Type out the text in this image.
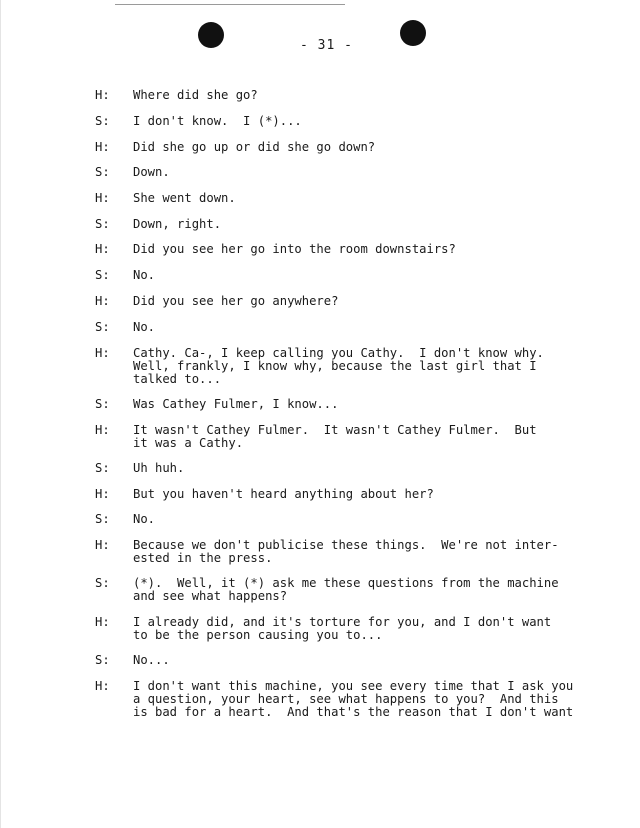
- 31 -
H: Where did she go?
S: I don't know.  I (*)...
H: Did she go up or did she go down?
S: Down.
H: She went down.
S: Down, right.
H: Did you see her go into the room downstairs?
S: No.
H: Did you see her go anywhere?
S: No.
H: Cathy. Ca-, I keep calling you Cathy.  I don't know why.
Well, frankly, I know why, because the last girl that I
talked to...
S: Was Cathey Fulmer, I know...
H: It wasn't Cathey Fulmer.  It wasn't Cathey Fulmer.  But
it was a Cathy.
S: Uh huh.
H: But you haven't heard anything about her?
S: No.
H: Because we don't publicise these things.  We're not inter-
ested in the press.
S: (*).  Well, it (*) ask me these questions from the machine
and see what happens?
H: I already did, and it's torture for you, and I don't want
to be the person causing you to...
S: No...
H: I don't want this machine, you see every time that I ask you
a question, your heart, see what happens to you?  And this
is bad for a heart.  And that's the reason that I don't want
